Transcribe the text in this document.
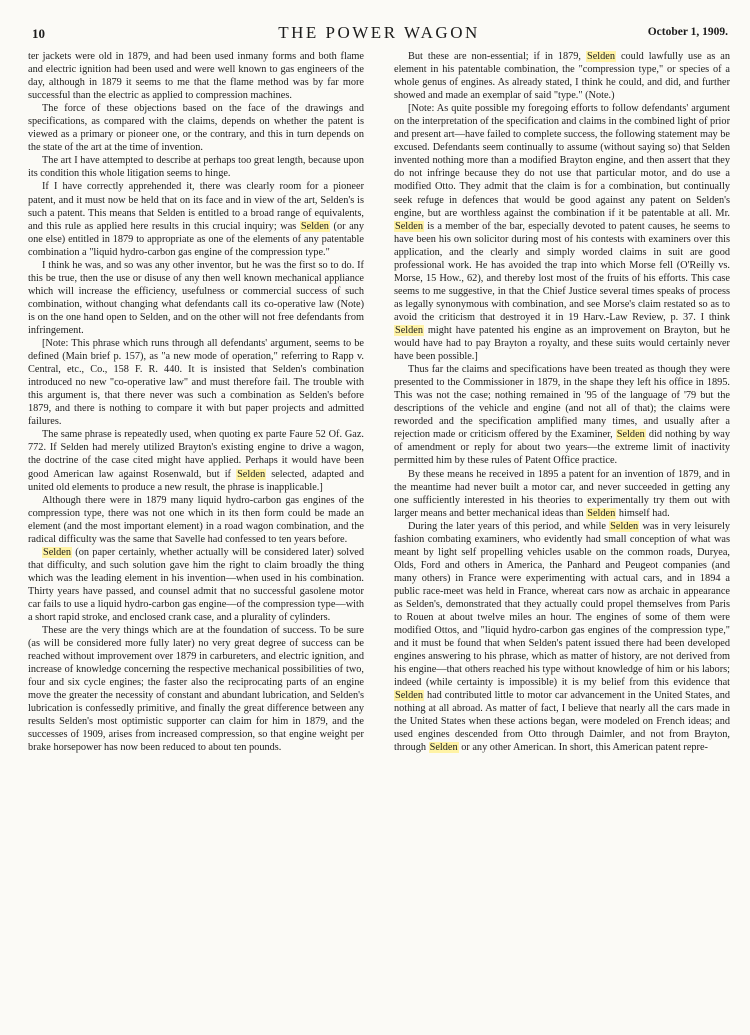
10	THE POWER WAGON	October 1, 1909.

ter jackets were old in 1879, and had been used inmany forms and both flame and electric ignition had been used and were well known to gas engineers of the day, although in 1879 it seems to me that the flame method was by far more successful than the electric as applied to compression machines.

The force of these objections based on the face of the drawings and specifications, as compared with the claims, depends on whether the patent is viewed as a primary or pioneer one, or the contrary, and this in turn depends on the state of the art at the time of invention.

The art I have attempted to describe at perhaps too great length, because upon its condition this whole litigation seems to hinge.

If I have correctly apprehended it, there was clearly room for a pioneer patent, and it must now be held that on its face and in view of the art, Selden's is such a patent. This means that Selden is entitled to a broad range of equivalents, and this rule as applied here results in this crucial inquiry; was Selden (or any one else) entitled in 1879 to appropriate as one of the elements of any patentable combination a "liquid hydro-carbon gas engine of the compression type."

I think he was, and so was any other inventor, but he was the first so to do. If this be true, then the use or disuse of any then well known mechanical appliance which will increase the efficiency, usefulness or commercial success of such combination, without changing what defendants call its co-operative law (Note) is on the one hand open to Selden, and on the other will not free defendants from infringement.

[Note: This phrase which runs through all defendants' argument, seems to be defined (Main brief p. 157), as "a new mode of operation," referring to Rapp v. Central, etc., Co., 158 F. R. 440. It is insisted that Selden's combination introduced no new "co-operative law" and must therefore fail. The trouble with this argument is, that there never was such a combination as Selden's before 1879, and there is nothing to compare it with but paper projects and admitted failures.

The same phrase is repeatedly used, when quoting ex parte Faure 52 Of. Gaz. 772. If Selden had merely utilized Brayton's existing engine to drive a wagon, the doctrine of the case cited might have applied. Perhaps it would have been good American law against Rosenwald, but if Selden selected, adapted and united old elements to produce a new result, the phrase is inapplicable.]

Although there were in 1879 many liquid hydro-carbon gas engines of the compression type, there was not one which in its then form could be made an element (and the most important element) in a road wagon combination, and the radical difficulty was the same that Savelle had confessed to ten years before.

Selden (on paper certainly, whether actually will be considered later) solved that difficulty, and such solution gave him the right to claim broadly the thing which was the leading element in his invention—when used in his combination. Thirty years have passed, and counsel admit that no successful gasolene motor car fails to use a liquid hydro-carbon gas engine—of the compression type—with a short rapid stroke, and enclosed crank case, and a plurality of cylinders.

These are the very things which are at the foundation of success. To be sure (as will be considered more fully later) no very great degree of success can be reached without improvement over 1879 in carbureters, and electric ignition, and increase of knowledge concerning the respective mechanical possibilities of two, four and six cycle engines; the faster also the reciprocating parts of an engine move the greater the necessity of constant and abundant lubrication, and Selden's lubrication is confessedly primitive, and finally the great difference between any results Selden's most optimistic supporter can claim for him in 1879, and the successes of 1909, arises from increased compression, so that engine weight per brake horsepower has now been reduced to about ten pounds.

But these are non-essential; if in 1879, Selden could lawfully use as an element in his patentable combination, the "compression type," or species of a whole genus of engines. As already stated, I think he could, and did, and further showed and made an exemplar of said "type." (Note.)

[Note: As quite possible my foregoing efforts to follow defendants' argument on the interpretation of the specification and claims in the combined light of prior and present art—have failed to complete success, the following statement may be excused. Defendants seem continually to assume (without saying so) that Selden invented nothing more than a modified Brayton engine, and then assert that they do not infringe because they do not use that particular motor, and do use a modified Otto. They admit that the claim is for a combination, but continually seek refuge in defences that would be good against any patent on Selden's engine, but are worthless against the combination if it be patentable at all. Mr. Selden is a member of the bar, especially devoted to patent causes, he seems to have been his own solicitor during most of his contests with examiners over this application, and the clearly and simply worded claims in suit are good professional work. He has avoided the trap into which Morse fell (O'Reilly vs. Morse, 15 How., 62), and thereby lost most of the fruits of his efforts. This case seems to me suggestive, in that the Chief Justice several times speaks of process as legally synonymous with combination, and see Morse's claim restated so as to avoid the criticism that destroyed it in 19 Harv.-Law Review, p. 37. I think Selden might have patented his engine as an improvement on Brayton, but he would have had to pay Brayton a royalty, and these suits would certainly never have been possible.]

Thus far the claims and specifications have been treated as though they were presented to the Commissioner in 1879, in the shape they left his office in 1895. This was not the case; nothing remained in '95 of the language of '79 but the descriptions of the vehicle and engine (and not all of that); the claims were reworded and the specification amplified many times, and usually after a rejection made or criticism offered by the Examiner, Selden did nothing by way of amendment or reply for about two years—the extreme limit of inactivity permitted him by these rules of Patent Office practice.

By these means he received in 1895 a patent for an invention of 1879, and in the meantime had never built a motor car, and never succeeded in getting any one sufficiently interested in his theories to experimentally try them out with larger means and better mechanical ideas than Selden himself had.

During the later years of this period, and while Selden was in very leisurely fashion combating examiners, who evidently had small conception of what was meant by light self propelling vehicles usable on the common roads, Duryea, Olds, Ford and others in America, the Panhard and Peugeot companies (and many others) in France were experimenting with actual cars, and in 1894 a public race-meet was held in France, whereat cars now as archaic in appearance as Selden's, demonstrated that they actually could propel themselves from Paris to Rouen at about twelve miles an hour. The engines of some of them were modified Ottos, and "liquid hydro-carbon gas engines of the compression type," and it must be found that when Selden's patent issued there had been developed engines answering to his phrase, which as matter of history, are not derived from his engine—that others reached his type without knowledge of him or his labors; indeed (while certainty is impossible) it is my belief from this evidence that Selden had contributed little to motor car advancement in the United States, and nothing at all abroad. As matter of fact, I believe that nearly all the cars made in the United States when these actions began, were modeled on French ideas; and used engines descended from Otto through Daimler, and not from Brayton, through Selden or any other American. In short, this American patent repre-
